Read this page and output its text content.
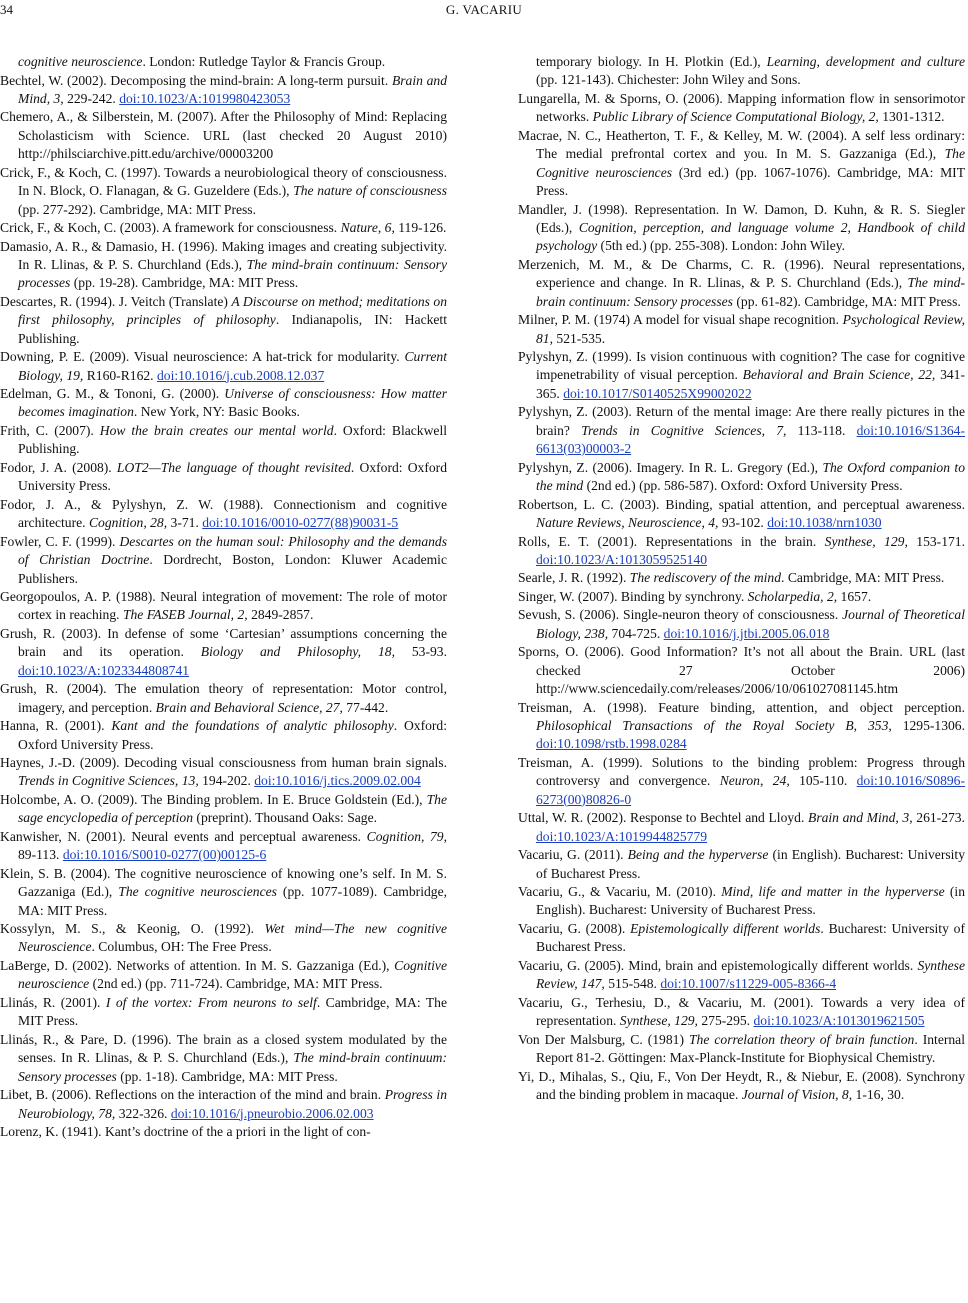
34	G. VACARIU

cognitive neuroscience. London: Rutledge Taylor & Francis Group.

Bechtel, W. (2002). Decomposing the mind-brain: A long-term pursuit. Brain and Mind, 3, 229-242. doi:10.1023/A:1019980423053

Chemero, A., & Silberstein, M. (2007). After the Philosophy of Mind: Replacing Scholasticism with Science. URL (last checked 20 August 2010) http://philsciarchive.pitt.edu/archive/00003200

Crick, F., & Koch, C. (1997). Towards a neurobiological theory of consciousness. In N. Block, O. Flanagan, & G. Guzeldere (Eds.), The nature of consciousness (pp. 277-292). Cambridge, MA: MIT Press.

Crick, F., & Koch, C. (2003). A framework for consciousness. Nature, 6, 119-126.

Damasio, A. R., & Damasio, H. (1996). Making images and creating subjectivity. In R. Llinas, & P. S. Churchland (Eds.), The mind-brain continuum: Sensory processes (pp. 19-28). Cambridge, MA: MIT Press.

Descartes, R. (1994). J. Veitch (Translate) A Discourse on method; meditations on first philosophy, principles of philosophy. Indianapolis, IN: Hackett Publishing.

Downing, P. E. (2009). Visual neuroscience: A hat-trick for modularity. Current Biology, 19, R160-R162. doi:10.1016/j.cub.2008.12.037

Edelman, G. M., & Tononi, G. (2000). Universe of consciousness: How matter becomes imagination. New York, NY: Basic Books.

Frith, C. (2007). How the brain creates our mental world. Oxford: Blackwell Publishing.

Fodor, J. A. (2008). LOT2—The language of thought revisited. Oxford: Oxford University Press.

Fodor, J. A., & Pylyshyn, Z. W. (1988). Connectionism and cognitive architecture. Cognition, 28, 3-71. doi:10.1016/0010-0277(88)90031-5

Fowler, C. F. (1999). Descartes on the human soul: Philosophy and the demands of Christian Doctrine. Dordrecht, Boston, London: Kluwer Academic Publishers.

Georgopoulos, A. P. (1988). Neural integration of movement: The role of motor cortex in reaching. The FASEB Journal, 2, 2849-2857.

Grush, R. (2003). In defense of some ‘Cartesian’ assumptions concerning the brain and its operation. Biology and Philosophy, 18, 53-93. doi:10.1023/A:1023344808741

Grush, R. (2004). The emulation theory of representation: Motor control, imagery, and perception. Brain and Behavioral Science, 27, 77-442.

Hanna, R. (2001). Kant and the foundations of analytic philosophy. Oxford: Oxford University Press.

Haynes, J.-D. (2009). Decoding visual consciousness from human brain signals. Trends in Cognitive Sciences, 13, 194-202. doi:10.1016/j.tics.2009.02.004

Holcombe, A. O. (2009). The Binding problem. In E. Bruce Goldstein (Ed.), The sage encyclopedia of perception (preprint). Thousand Oaks: Sage.

Kanwisher, N. (2001). Neural events and perceptual awareness. Cognition, 79, 89-113. doi:10.1016/S0010-0277(00)00125-6

Klein, S. B. (2004). The cognitive neuroscience of knowing one’s self. In M. S. Gazzaniga (Ed.), The cognitive neurosciences (pp. 1077-1089). Cambridge, MA: MIT Press.

Kossylyn, M. S., & Keonig, O. (1992). Wet mind—The new cognitive Neuroscience. Columbus, OH: The Free Press.

LaBerge, D. (2002). Networks of attention. In M. S. Gazzaniga (Ed.), Cognitive neuroscience (2nd ed.) (pp. 711-724). Cambridge, MA: MIT Press.

Llinás, R. (2001). I of the vortex: From neurons to self. Cambridge, MA: The MIT Press.

Llinás, R., & Pare, D. (1996). The brain as a closed system modulated by the senses. In R. Llinas, & P. S. Churchland (Eds.), The mind-brain continuum: Sensory processes (pp. 1-18). Cambridge, MA: MIT Press.

Libet, B. (2006). Reflections on the interaction of the mind and brain. Progress in Neurobiology, 78, 322-326. doi:10.1016/j.pneurobio.2006.02.003

Lorenz, K. (1941). Kant’s doctrine of the a priori in the light of con-

temporary biology. In H. Plotkin (Ed.), Learning, development and culture (pp. 121-143). Chichester: John Wiley and Sons.

Lungarella, M. & Sporns, O. (2006). Mapping information flow in sensorimotor networks. Public Library of Science Computational Biology, 2, 1301-1312.

Macrae, N. C., Heatherton, T. F., & Kelley, M. W. (2004). A self less ordinary: The medial prefrontal cortex and you. In M. S. Gazzaniga (Ed.), The Cognitive neurosciences (3rd ed.) (pp. 1067-1076). Cambridge, MA: MIT Press.

Mandler, J. (1998). Representation. In W. Damon, D. Kuhn, & R. S. Siegler (Eds.), Cognition, perception, and language volume 2, Handbook of child psychology (5th ed.) (pp. 255-308). London: John Wiley.

Merzenich, M. M., & De Charms, C. R. (1996). Neural representations, experience and change. In R. Llinas, & P. S. Churchland (Eds.), The mind-brain continuum: Sensory processes (pp. 61-82). Cambridge, MA: MIT Press.

Milner, P. M. (1974) A model for visual shape recognition. Psychological Review, 81, 521-535.

Pylyshyn, Z. (1999). Is vision continuous with cognition? The case for cognitive impenetrability of visual perception. Behavioral and Brain Science, 22, 341-365. doi:10.1017/S0140525X99002022

Pylyshyn, Z. (2003). Return of the mental image: Are there really pictures in the brain? Trends in Cognitive Sciences, 7, 113-118. doi:10.1016/S1364-6613(03)00003-2

Pylyshyn, Z. (2006). Imagery. In R. L. Gregory (Ed.), The Oxford companion to the mind (2nd ed.) (pp. 586-587). Oxford: Oxford University Press.

Robertson, L. C. (2003). Binding, spatial attention, and perceptual awareness. Nature Reviews, Neuroscience, 4, 93-102. doi:10.1038/nrn1030

Rolls, E. T. (2001). Representations in the brain. Synthese, 129, 153-171. doi:10.1023/A:1013059525140

Searle, J. R. (1992). The rediscovery of the mind. Cambridge, MA: MIT Press.

Singer, W. (2007). Binding by synchrony. Scholarpedia, 2, 1657.

Sevush, S. (2006). Single-neuron theory of consciousness. Journal of Theoretical Biology, 238, 704-725. doi:10.1016/j.jtbi.2005.06.018

Sporns, O. (2006). Good Information? It’s not all about the Brain. URL (last checked 27 October 2006) http://www.sciencedaily.com/releases/2006/10/061027081145.htm

Treisman, A. (1998). Feature binding, attention, and object perception. Philosophical Transactions of the Royal Society B, 353, 1295-1306. doi:10.1098/rstb.1998.0284

Treisman, A. (1999). Solutions to the binding problem: Progress through controversy and convergence. Neuron, 24, 105-110. doi:10.1016/S0896-6273(00)80826-0

Uttal, W. R. (2002). Response to Bechtel and Lloyd. Brain and Mind, 3, 261-273. doi:10.1023/A:1019944825779

Vacariu, G. (2011). Being and the hyperverse (in English). Bucharest: University of Bucharest Press.

Vacariu, G., & Vacariu, M. (2010). Mind, life and matter in the hyperverse (in English). Bucharest: University of Bucharest Press.

Vacariu, G. (2008). Epistemologically different worlds. Bucharest: University of Bucharest Press.

Vacariu, G. (2005). Mind, brain and epistemologically different worlds. Synthese Review, 147, 515-548. doi:10.1007/s11229-005-8366-4

Vacariu, G., Terhesiu, D., & Vacariu, M. (2001). Towards a very idea of representation. Synthese, 129, 275-295. doi:10.1023/A:1013019621505

Von Der Malsburg, C. (1981) The correlation theory of brain function. Internal Report 81-2. Göttingen: Max-Planck-Institute for Biophysical Chemistry.

Yi, D., Mihalas, S., Qiu, F., Von Der Heydt, R., & Niebur, E. (2008). Synchrony and the binding problem in macaque. Journal of Vision, 8, 1-16, 30.
